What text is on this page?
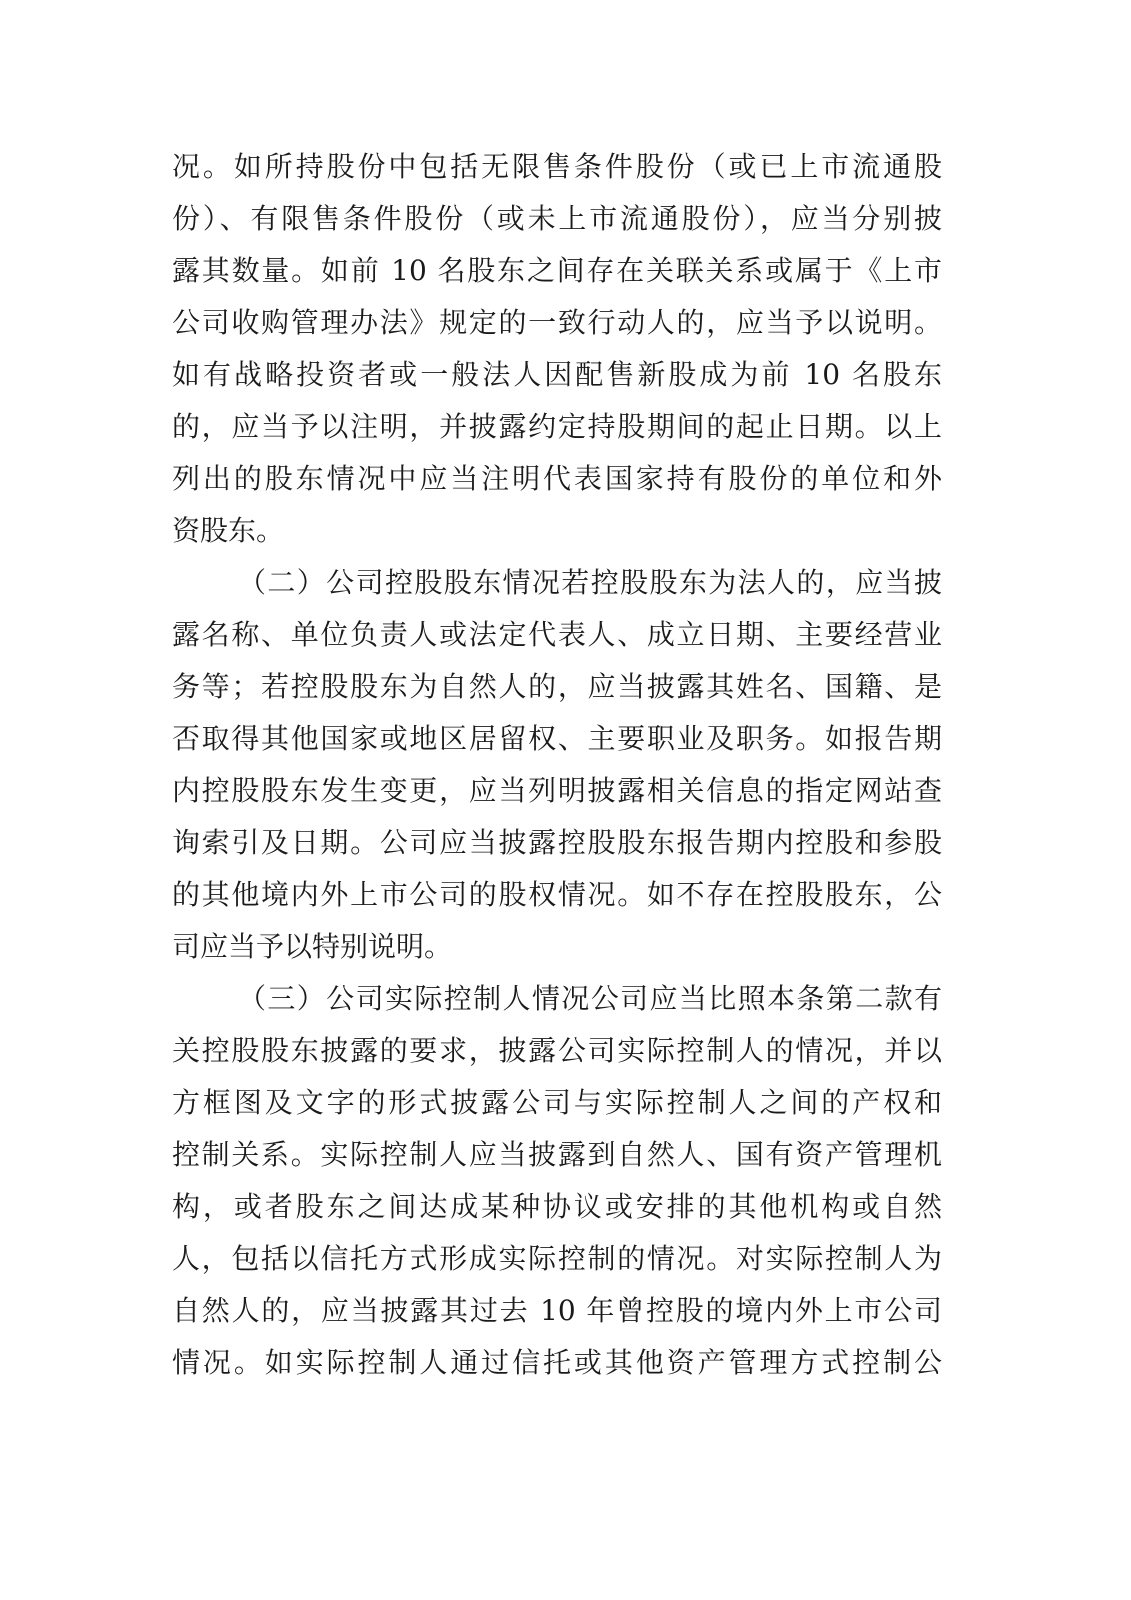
况。如所持股份中包括无限售条件股份（或已上市流通股
份）、有限售条件股份（或未上市流通股份），应当分别披
露其数量。如前 10 名股东之间存在关联关系或属于《上市
公司收购管理办法》规定的一致行动人的，应当予以说明。
如有战略投资者或一般法人因配售新股成为前 10 名股东
的，应当予以注明，并披露约定持股期间的起止日期。以上
列出的股东情况中应当注明代表国家持有股份的单位和外
资股东。
（二）公司控股股东情况若控股股东为法人的，应当披
露名称、单位负责人或法定代表人、成立日期、主要经营业
务等；若控股股东为自然人的，应当披露其姓名、国籍、是
否取得其他国家或地区居留权、主要职业及职务。如报告期
内控股股东发生变更，应当列明披露相关信息的指定网站查
询索引及日期。公司应当披露控股股东报告期内控股和参股
的其他境内外上市公司的股权情况。如不存在控股股东，公
司应当予以特别说明。
（三）公司实际控制人情况公司应当比照本条第二款有
关控股股东披露的要求，披露公司实际控制人的情况，并以
方框图及文字的形式披露公司与实际控制人之间的产权和
控制关系。实际控制人应当披露到自然人、国有资产管理机
构，或者股东之间达成某种协议或安排的其他机构或自然
人，包括以信托方式形成实际控制的情况。对实际控制人为
自然人的，应当披露其过去 10 年曾控股的境内外上市公司
情况。如实际控制人通过信托或其他资产管理方式控制公
